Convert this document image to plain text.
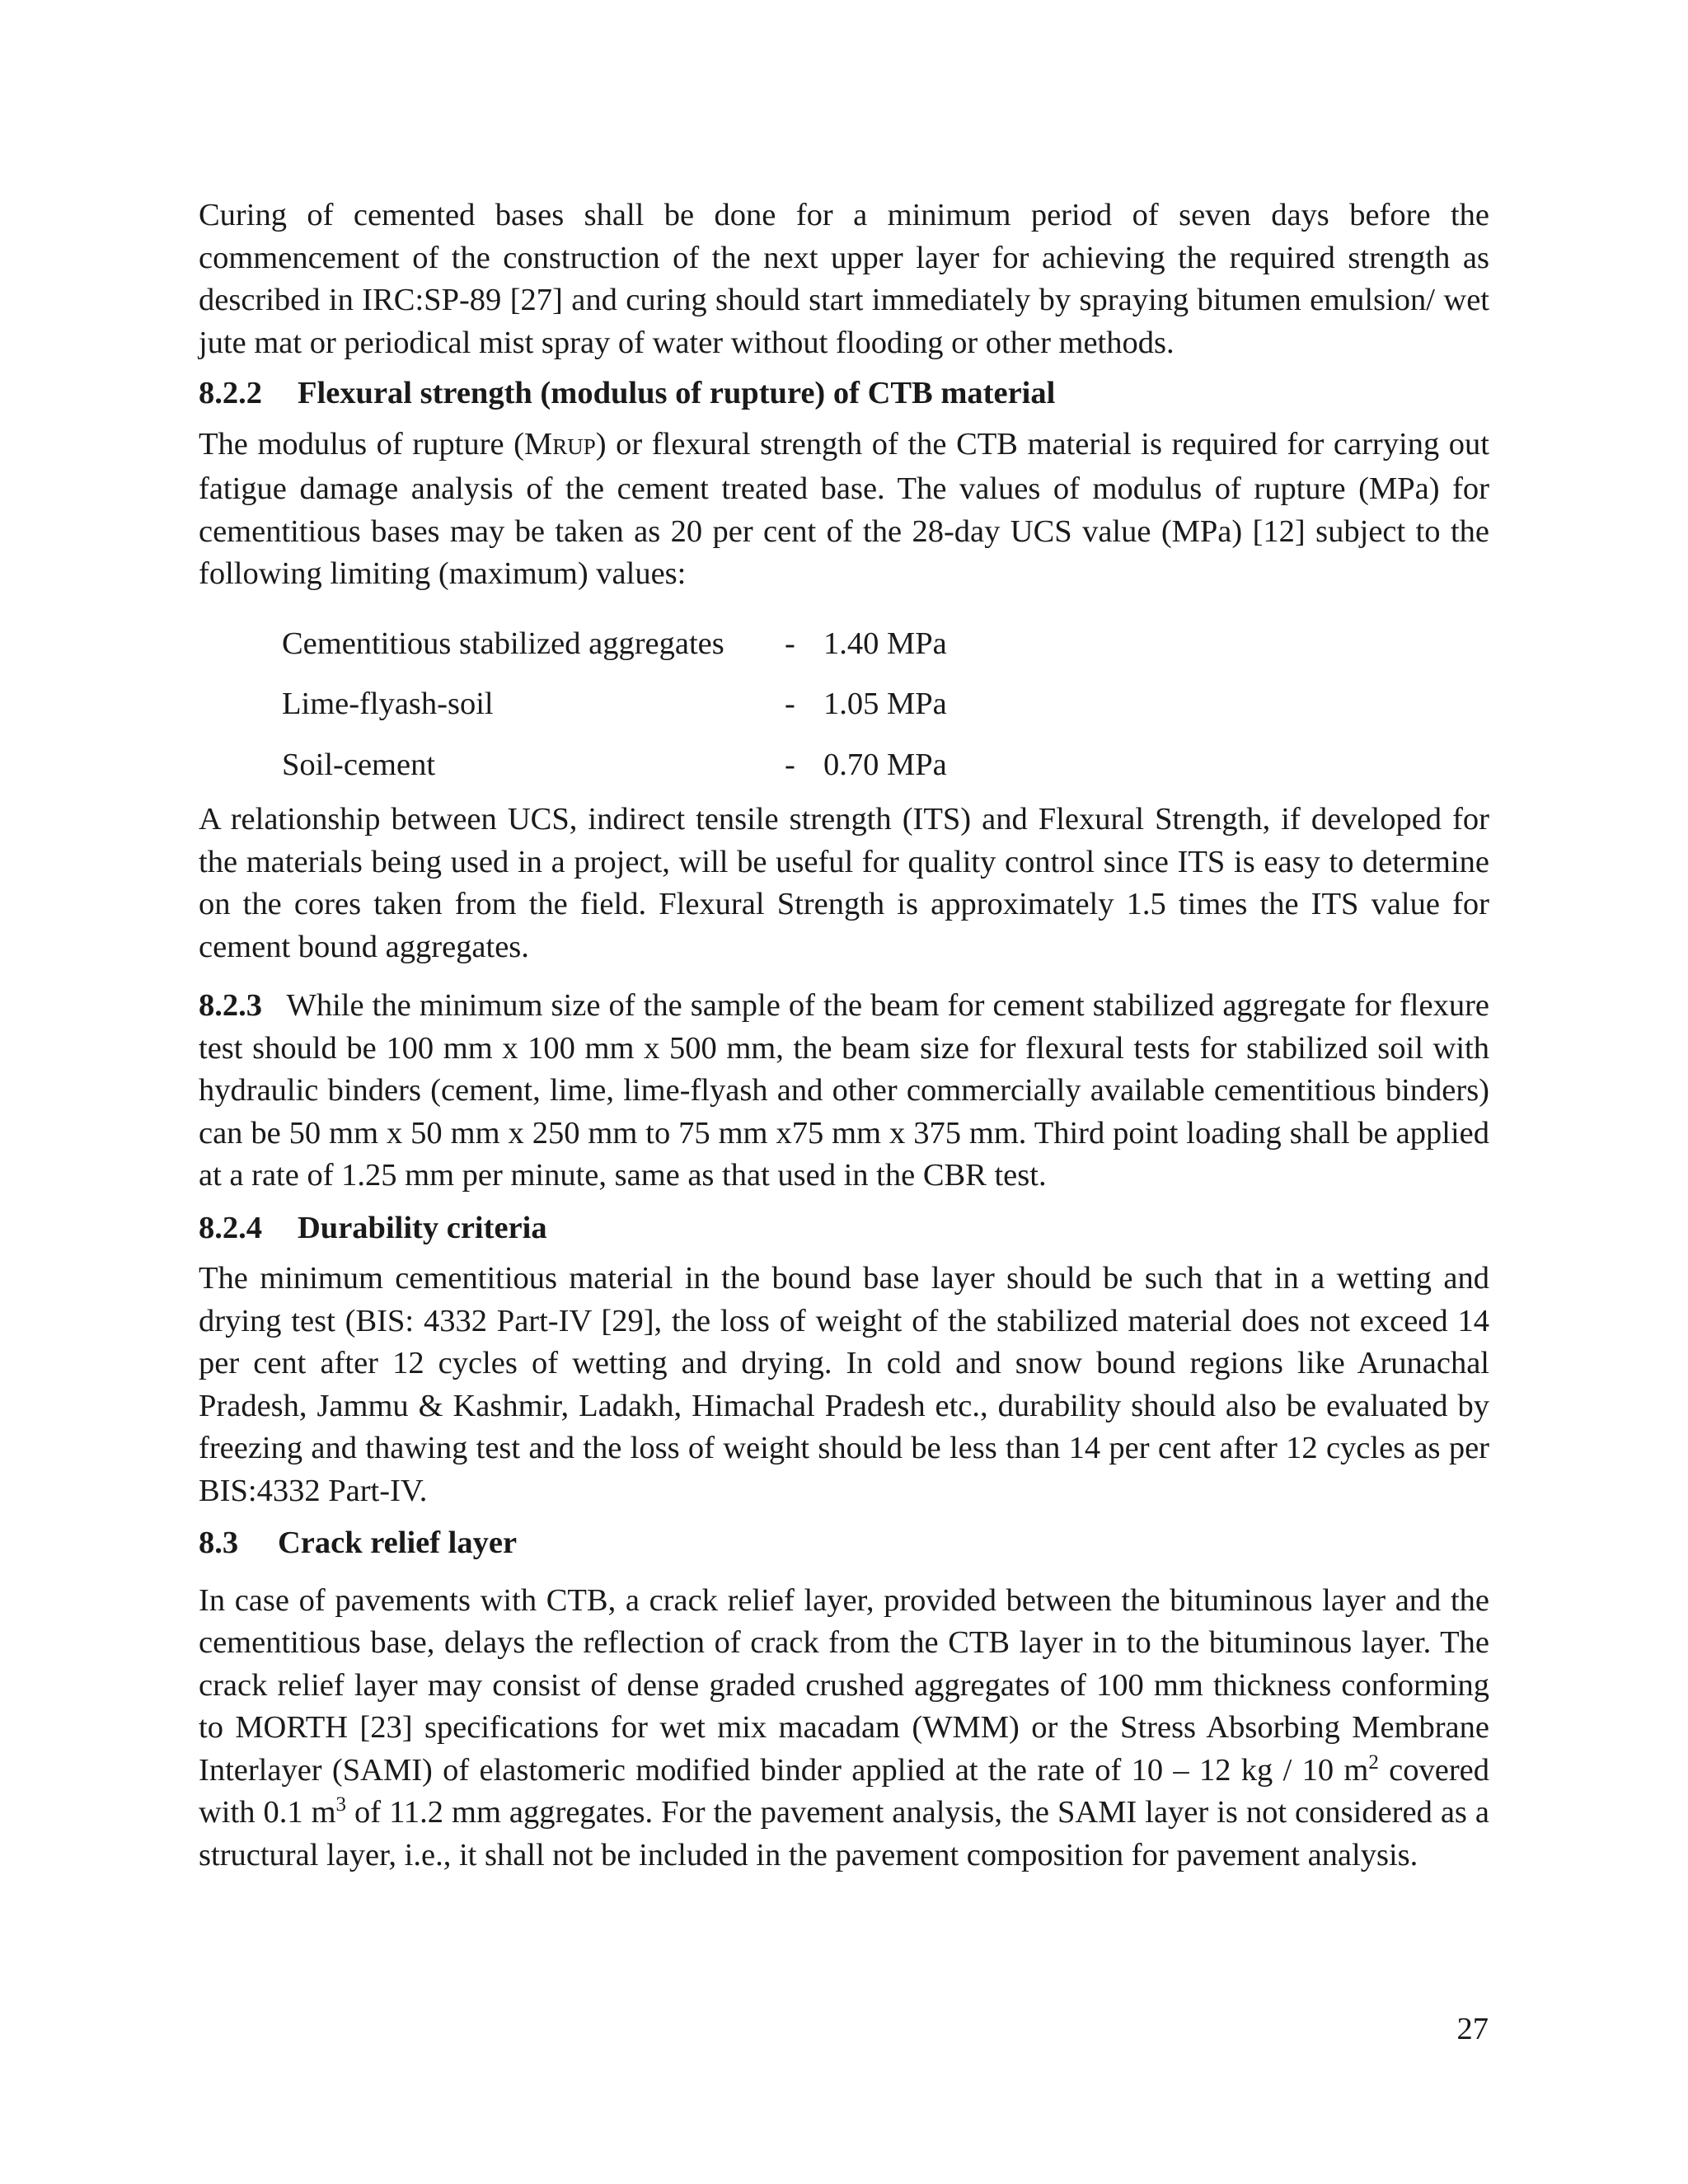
Curing of cemented bases shall be done for a minimum period of seven days before the commencement of the construction of the next upper layer for achieving the required strength as described in IRC:SP-89 [27] and curing should start immediately by spraying bitumen emulsion/ wet jute mat or periodical mist spray of water without flooding or other methods.

8.2.2 Flexural strength (modulus of rupture) of CTB material

The modulus of rupture (MRUP) or flexural strength of the CTB material is required for carrying out fatigue damage analysis of the cement treated base. The values of modulus of rupture (MPa) for cementitious bases may be taken as 20 per cent of the 28-day UCS value (MPa) [12] subject to the following limiting (maximum) values:

Cementitious stabilized aggregates	- 1.40 MPa
Lime-flyash-soil	- 1.05 MPa
Soil-cement	- 0.70 MPa

A relationship between UCS, indirect tensile strength (ITS) and Flexural Strength, if developed for the materials being used in a project, will be useful for quality control since ITS is easy to determine on the cores taken from the field. Flexural Strength is approximately 1.5 times the ITS value for cement bound aggregates.

8.2.3 While the minimum size of the sample of the beam for cement stabilized aggregate for flexure test should be 100 mm x 100 mm x 500 mm, the beam size for flexural tests for stabilized soil with hydraulic binders (cement, lime, lime-flyash and other commercially available cementitious binders) can be 50 mm x 50 mm x 250 mm to 75 mm x75 mm x 375 mm. Third point loading shall be applied at a rate of 1.25 mm per minute, same as that used in the CBR test.

8.2.4 Durability criteria

The minimum cementitious material in the bound base layer should be such that in a wetting and drying test (BIS: 4332 Part-IV [29], the loss of weight of the stabilized material does not exceed 14 per cent after 12 cycles of wetting and drying. In cold and snow bound regions like Arunachal Pradesh, Jammu & Kashmir, Ladakh, Himachal Pradesh etc., durability should also be evaluated by freezing and thawing test and the loss of weight should be less than 14 per cent after 12 cycles as per BIS:4332 Part-IV.

8.3 Crack relief layer

In case of pavements with CTB, a crack relief layer, provided between the bituminous layer and the cementitious base, delays the reflection of crack from the CTB layer in to the bituminous layer. The crack relief layer may consist of dense graded crushed aggregates of 100 mm thickness conforming to MORTH [23] specifications for wet mix macadam (WMM) or the Stress Absorbing Membrane Interlayer (SAMI) of elastomeric modified binder applied at the rate of 10 – 12 kg / 10 $m^2$ covered with 0.1 $m^3$ of 11.2 mm aggregates. For the pavement analysis, the SAMI layer is not considered as a structural layer, i.e., it shall not be included in the pavement composition for pavement analysis.

27
